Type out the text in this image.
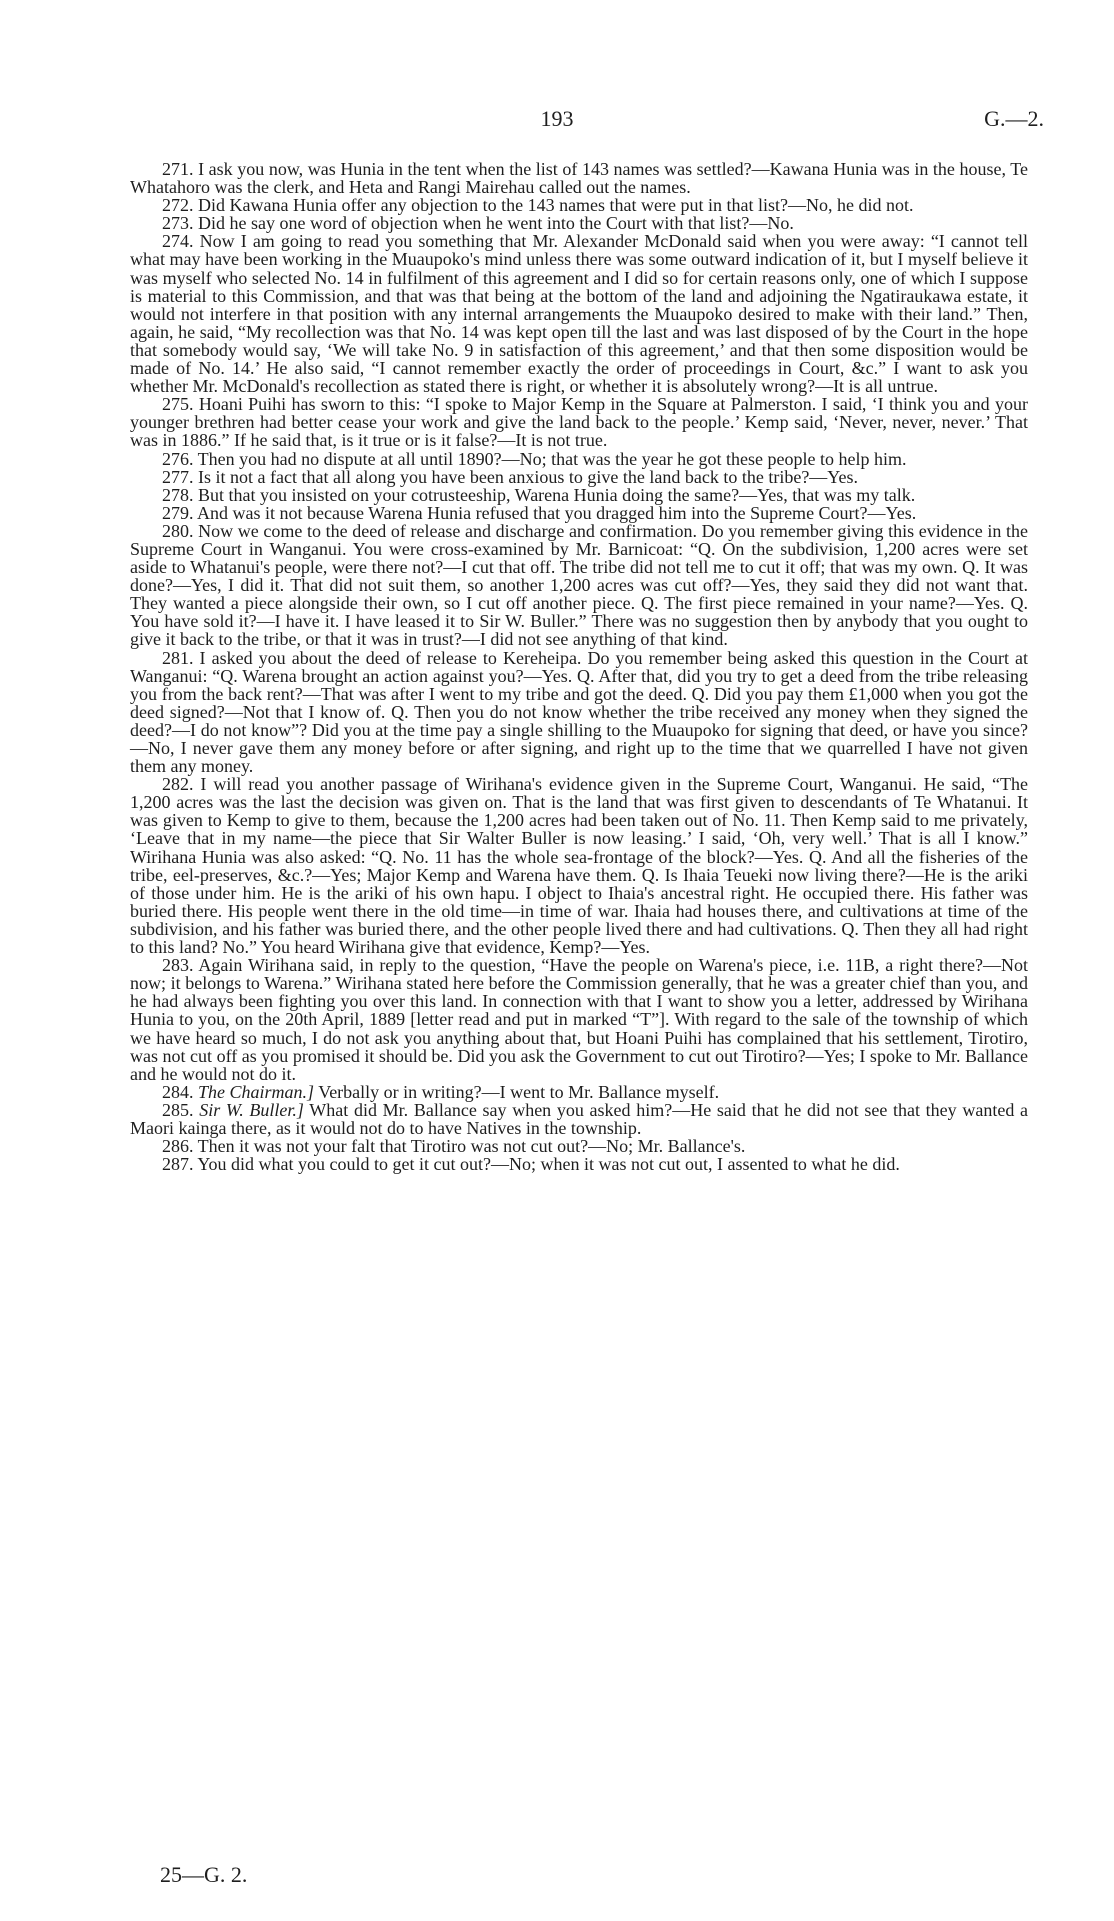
193	G.—2.

271. I ask you now, was Hunia in the tent when the list of 143 names was settled?—Kawana Hunia was in the house, Te Whatahoro was the clerk, and Heta and Rangi Mairehau called out the names.

272. Did Kawana Hunia offer any objection to the 143 names that were put in that list?—No, he did not.

273. Did he say one word of objection when he went into the Court with that list?—No.

274. Now I am going to read you something that Mr. Alexander McDonald said when you were away: “I cannot tell what may have been working in the Muaupoko's mind unless there was some outward indication of it, but I myself believe it was myself who selected No. 14 in fulfilment of this agreement and I did so for certain reasons only, one of which I suppose is material to this Commission, and that was that being at the bottom of the land and adjoining the Ngatiraukawa estate, it would not interfere in that position with any internal arrangements the Muaupoko desired to make with their land.” Then, again, he said, “My recollection was that No. 14 was kept open till the last and was last disposed of by the Court in the hope that somebody would say, ‘We will take No. 9 in satisfaction of this agreement,’ and that then some disposition would be made of No. 14.’ He also said, “I cannot remember exactly the order of proceedings in Court, &c.” I want to ask you whether Mr. McDonald's recollection as stated there is right, or whether it is absolutely wrong?—It is all untrue.

275. Hoani Puihi has sworn to this: “I spoke to Major Kemp in the Square at Palmerston. I said, ‘I think you and your younger brethren had better cease your work and give the land back to the people.’ Kemp said, ‘Never, never, never.’ That was in 1886.” If he said that, is it true or is it false?—It is not true.

276. Then you had no dispute at all until 1890?—No; that was the year he got these people to help him.

277. Is it not a fact that all along you have been anxious to give the land back to the tribe?—Yes.

278. But that you insisted on your cotrusteeship, Warena Hunia doing the same?—Yes, that was my talk.

279. And was it not because Warena Hunia refused that you dragged him into the Supreme Court?—Yes.

280. Now we come to the deed of release and discharge and confirmation. Do you remember giving this evidence in the Supreme Court in Wanganui. You were cross-examined by Mr. Barnicoat: “Q. On the subdivision, 1,200 acres were set aside to Whatanui's people, were there not?—I cut that off. The tribe did not tell me to cut it off; that was my own. Q. It was done?—Yes, I did it. That did not suit them, so another 1,200 acres was cut off?—Yes, they said they did not want that. They wanted a piece alongside their own, so I cut off another piece. Q. The first piece remained in your name?—Yes. Q. You have sold it?—I have it. I have leased it to Sir W. Buller.” There was no suggestion then by anybody that you ought to give it back to the tribe, or that it was in trust?—I did not see anything of that kind.

281. I asked you about the deed of release to Kereheipa. Do you remember being asked this question in the Court at Wanganui: “Q. Warena brought an action against you?—Yes. Q. After that, did you try to get a deed from the tribe releasing you from the back rent?—That was after I went to my tribe and got the deed. Q. Did you pay them £1,000 when you got the deed signed?—Not that I know of. Q. Then you do not know whether the tribe received any money when they signed the deed?—I do not know”? Did you at the time pay a single shilling to the Muaupoko for signing that deed, or have you since?—No, I never gave them any money before or after signing, and right up to the time that we quarrelled I have not given them any money.

282. I will read you another passage of Wirihana's evidence given in the Supreme Court, Wanganui. He said, “The 1,200 acres was the last the decision was given on. That is the land that was first given to descendants of Te Whatanui. It was given to Kemp to give to them, because the 1,200 acres had been taken out of No. 11. Then Kemp said to me privately, ‘Leave that in my name—the piece that Sir Walter Buller is now leasing.’ I said, ‘Oh, very well.’ That is all I know.” Wirihana Hunia was also asked: “Q. No. 11 has the whole sea-frontage of the block?—Yes. Q. And all the fisheries of the tribe, eel-preserves, &c.?—Yes; Major Kemp and Warena have them. Q. Is Ihaia Teueki now living there?—He is the ariki of those under him. He is the ariki of his own hapu. I object to Ihaia's ancestral right. He occupied there. His father was buried there. His people went there in the old time—in time of war. Ihaia had houses there, and cultivations at time of the subdivision, and his father was buried there, and the other people lived there and had cultivations. Q. Then they all had right to this land? No.” You heard Wirihana give that evidence, Kemp?—Yes.

283. Again Wirihana said, in reply to the question, “Have the people on Warena's piece, i.e. 11B, a right there?—Not now; it belongs to Warena.” Wirihana stated here before the Commission generally, that he was a greater chief than you, and he had always been fighting you over this land. In connection with that I want to show you a letter, addressed by Wirihana Hunia to you, on the 20th April, 1889 [letter read and put in marked “T”]. With regard to the sale of the township of which we have heard so much, I do not ask you anything about that, but Hoani Puihi has complained that his settlement, Tirotiro, was not cut off as you promised it should be. Did you ask the Government to cut out Tirotiro?—Yes; I spoke to Mr. Ballance and he would not do it.

284. The Chairman.] Verbally or in writing?—I went to Mr. Ballance myself.

285. Sir W. Buller.] What did Mr. Ballance say when you asked him?—He said that he did not see that they wanted a Maori kainga there, as it would not do to have Natives in the township.

286. Then it was not your falt that Tirotiro was not cut out?—No; Mr. Ballance's.

287. You did what you could to get it cut out?—No; when it was not cut out, I assented to what he did.

25—G. 2.
